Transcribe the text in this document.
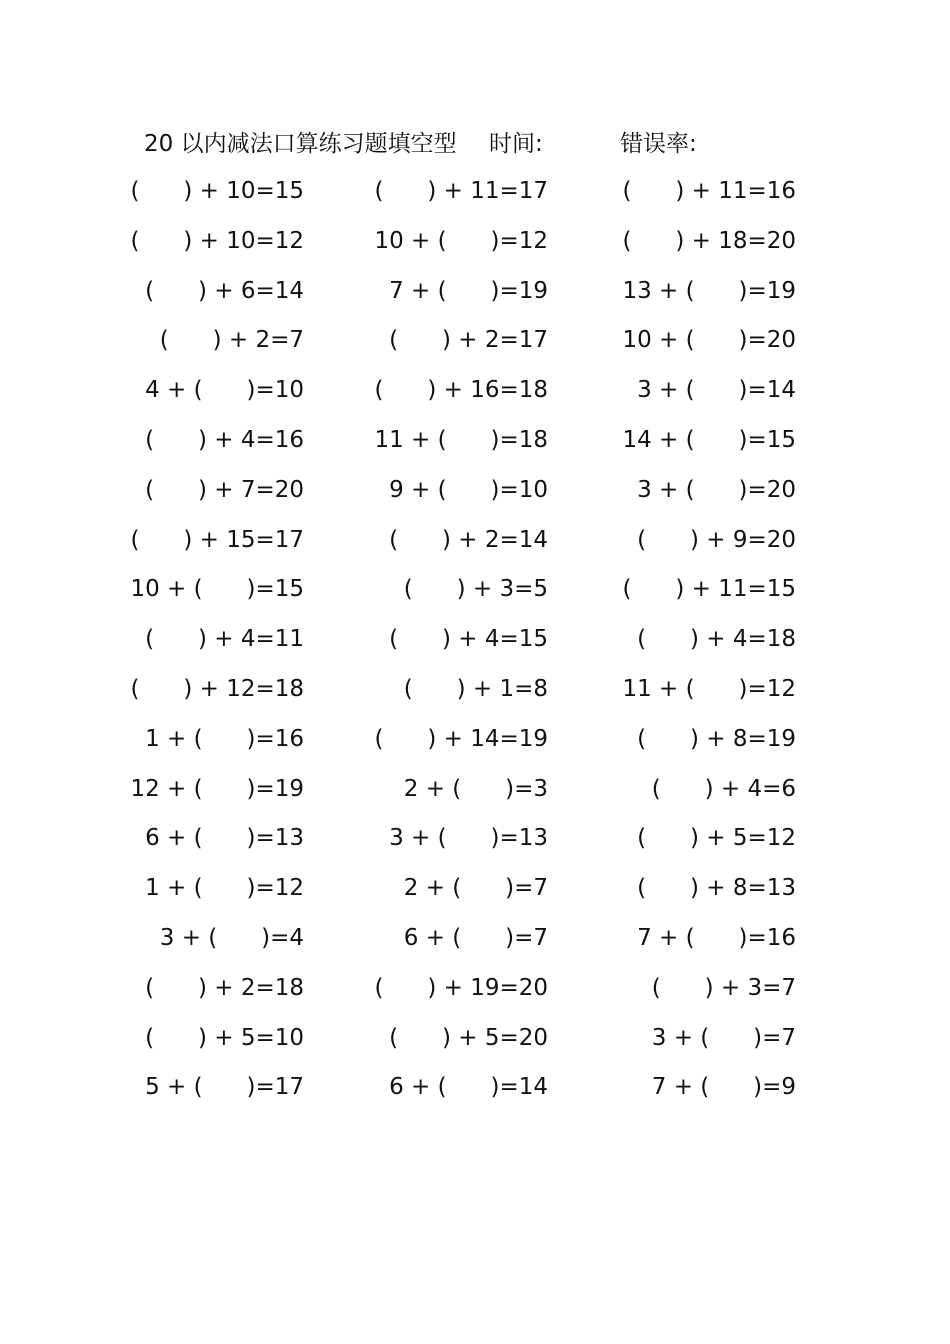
20 以内减法口算练习题填空型 时间:	错误率:
(      ) + 10=15	(      ) + 11=17	(      ) + 11=16
(      ) + 10=12	10 + (      )=12	(      ) + 18=20
(      ) + 6=14	7 + (      )=19	13 + (      )=19
(      ) + 2=7	(      ) + 2=17	10 + (      )=20
4 + (      )=10	(      ) + 16=18	3 + (      )=14
(      ) + 4=16	11 + (      )=18	14 + (      )=15
(      ) + 7=20	9 + (      )=10	3 + (      )=20
(      ) + 15=17	(      ) + 2=14	(      ) + 9=20
10 + (      )=15	(      ) + 3=5	(      ) + 11=15
(      ) + 4=11	(      ) + 4=15	(      ) + 4=18
(      ) + 12=18	(      ) + 1=8	11 + (      )=12
1 + (      )=16	(      ) + 14=19	(      ) + 8=19
12 + (      )=19	2 + (      )=3	(      ) + 4=6
6 + (      )=13	3 + (      )=13	(      ) + 5=12
1 + (      )=12	2 + (      )=7	(      ) + 8=13
3 + (      )=4	6 + (      )=7	7 + (      )=16
(      ) + 2=18	(      ) + 19=20	(      ) + 3=7
(      ) + 5=10	(      ) + 5=20	3 + (      )=7
5 + (      )=17	6 + (      )=14	7 + (      )=9
